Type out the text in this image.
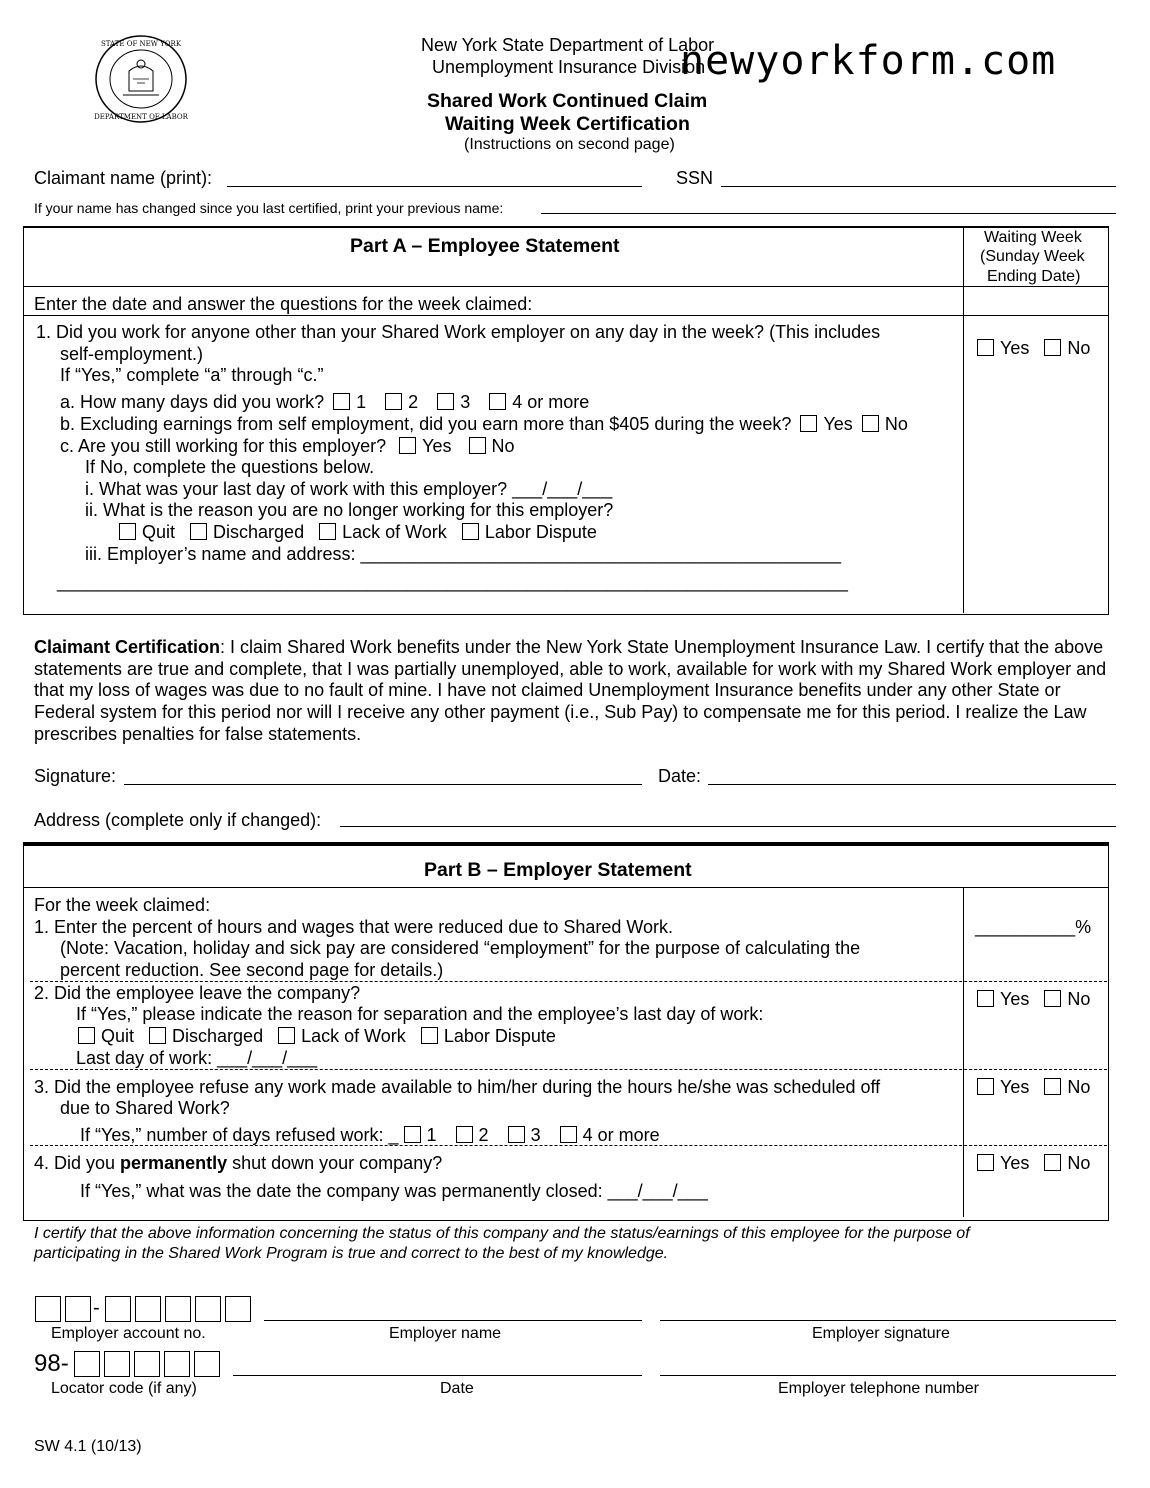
STATE OF NEW YORK
DEPARTMENT OF LABOR
New York State Department of Labor
Unemployment Insurance Division
newyorkform.com
Shared Work Continued Claim
Waiting Week Certification
(Instructions on second page)
Claimant name (print):	SSN
If your name has changed since you last certified, print your previous name:
Part A – Employee Statement	Waiting Week
(Sunday Week
Ending Date)
Enter the date and answer the questions for the week claimed:
1. Did you work for anyone other than your Shared Work employer on any day in the week? (This includes
self-employment.)
If “Yes,” complete “a” through “c.”
Yes No
a. How many days did you work? 1 2 3 4 or more
b. Excluding earnings from self employment, did you earn more than $405 during the week? Yes No
c. Are you still working for this employer? Yes No
If No, complete the questions below.
i. What was your last day of work with this employer? ___/___/___
ii. What is the reason you are no longer working for this employer?
Quit Discharged Lack of Work Labor Dispute
iii. Employer’s name and address: ________________________________________________
_______________________________________________________________________________
Claimant Certification: I claim Shared Work benefits under the New York State Unemployment Insurance Law. I certify that the above statements are true and complete, that I was partially unemployed, able to work, available for work with my Shared Work employer and that my loss of wages was due to no fault of mine. I have not claimed Unemployment Insurance benefits under any other State or Federal system for this period nor will I receive any other payment (i.e., Sub Pay) to compensate me for this period. I realize the Law prescribes penalties for false statements.
Signature:	Date:
Address (complete only if changed):
Part B – Employer Statement
For the week claimed:
1. Enter the percent of hours and wages that were reduced due to Shared Work.
(Note: Vacation, holiday and sick pay are considered “employment” for the purpose of calculating the
percent reduction. See second page for details.)
__________%
2. Did the employee leave the company?
If “Yes,” please indicate the reason for separation and the employee’s last day of work:
Quit Discharged Lack of Work Labor Dispute
Last day of work: ___/___/___
Yes No
3. Did the employee refuse any work made available to him/her during the hours he/she was scheduled off
due to Shared Work?
If “Yes,” number of days refused work: _ 1 2 3 4 or more
Yes No
4. Did you permanently shut down your company?
If “Yes,” what was the date the company was permanently closed: ___/___/___
Yes No
I certify that the above information concerning the status of this company and the status/earnings of this employee for the purpose of participating in the Shared Work Program is true and correct to the best of my knowledge.
-
Employer account no.	Employer name	Employer signature
98-
Locator code (if any)	Date	Employer telephone number
SW 4.1 (10/13)
